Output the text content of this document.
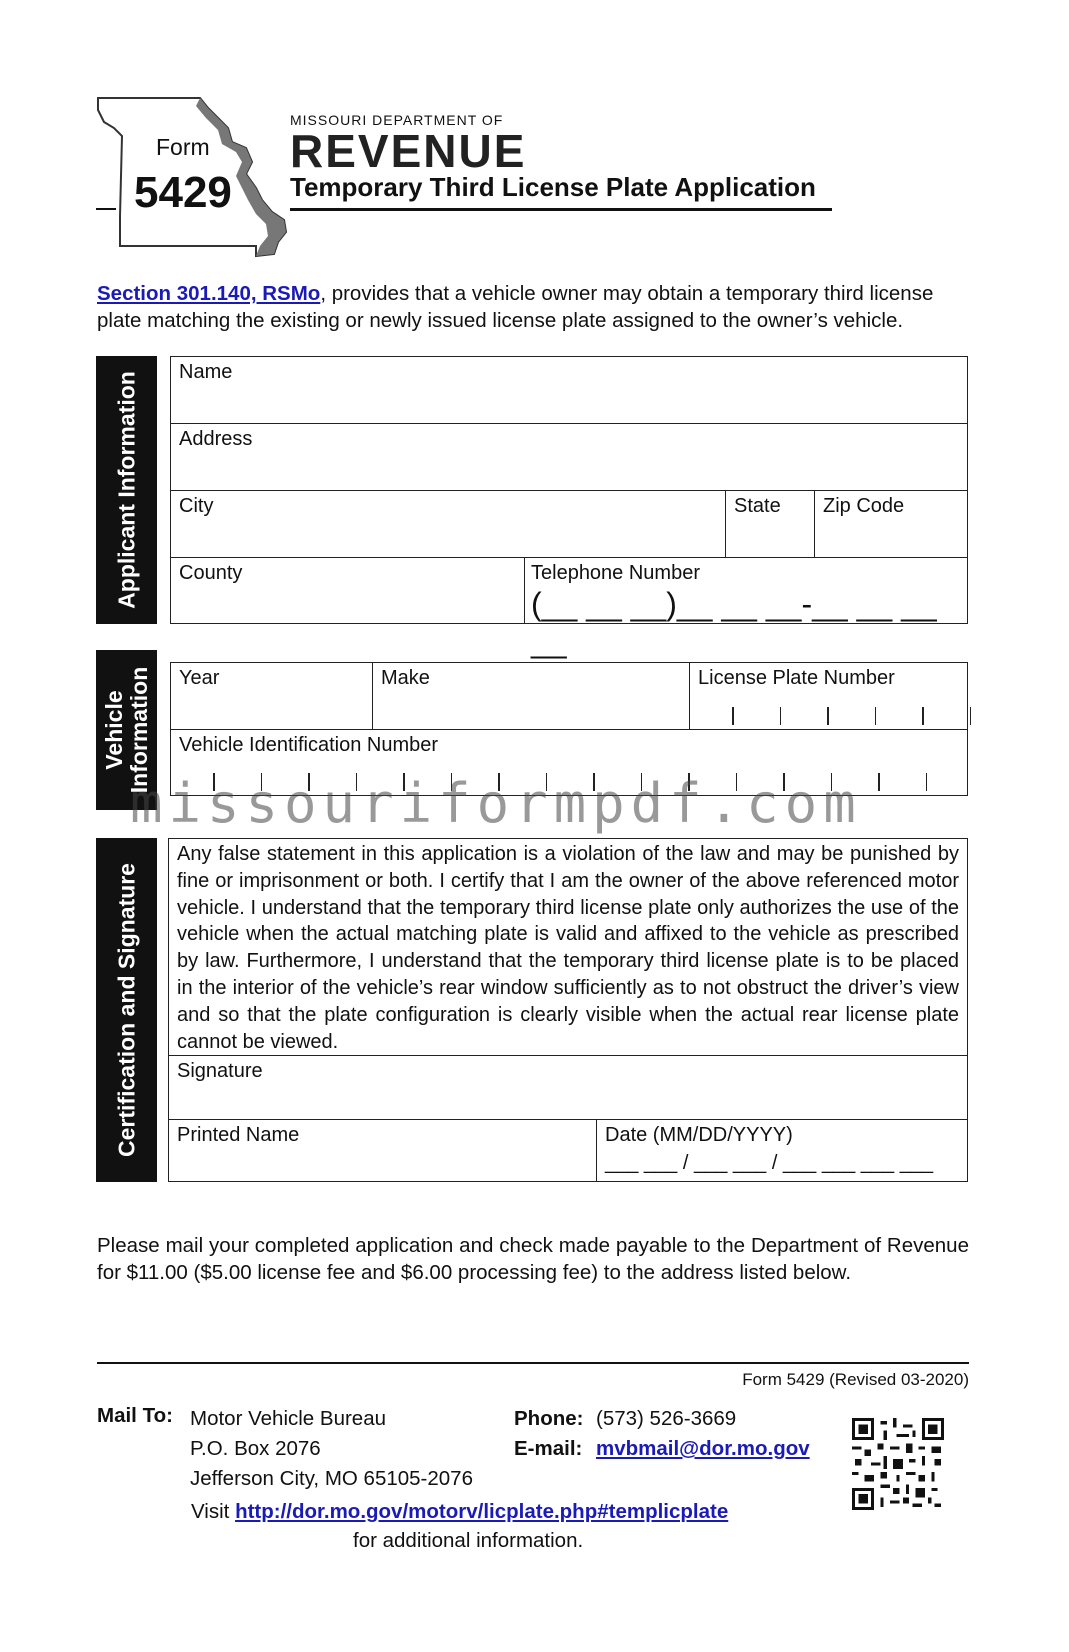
Form
5429
MISSOURI DEPARTMENT OF
REVENUE
Temporary Third License Plate Application
Section 301.140, RSMo, provides that a vehicle owner may obtain a temporary third license plate matching the existing or newly issued license plate assigned to the owner’s vehicle.
Applicant Information Name
Address
City	State Zip Code
County	Telephone Number
(__ __ __)__ __ __-__ __ __ __
Vehicle Information Year	Make	License Plate Number
Vehicle Identification Number
Certification and Signature
Any false statement in this application is a violation of the law and may be punished by fine or imprisonment or both. I certify that I am the owner of the above referenced motor vehicle. I understand that the temporary third license plate only authorizes the use of the vehicle when the actual matching plate is valid and affixed to the vehicle as prescribed by law. Furthermore, I understand that the temporary third license plate is to be placed in the interior of the vehicle’s rear window sufficiently as to not obstruct the driver’s view and so that the plate configuration is clearly visible when the actual rear license plate cannot be viewed.
Signature
Printed Name	Date (MM/DD/YYYY)
___ ___ / ___ ___ / ___ ___ ___ ___
missouriformpdf.com
Please mail your completed application and check made payable to the Department of Revenue for $11.00 ($5.00 license fee and $6.00 processing fee) to the address listed below.
Form 5429 (Revised 03-2020)
Mail To: Motor Vehicle Bureau
P.O. Box 2076
Jefferson City, MO 65105-2076
Phone: (573) 526-3669
E-mail: mvbmail@dor.mo.gov
Visit http://dor.mo.gov/motorv/licplate.php#templicplate
for additional information.
